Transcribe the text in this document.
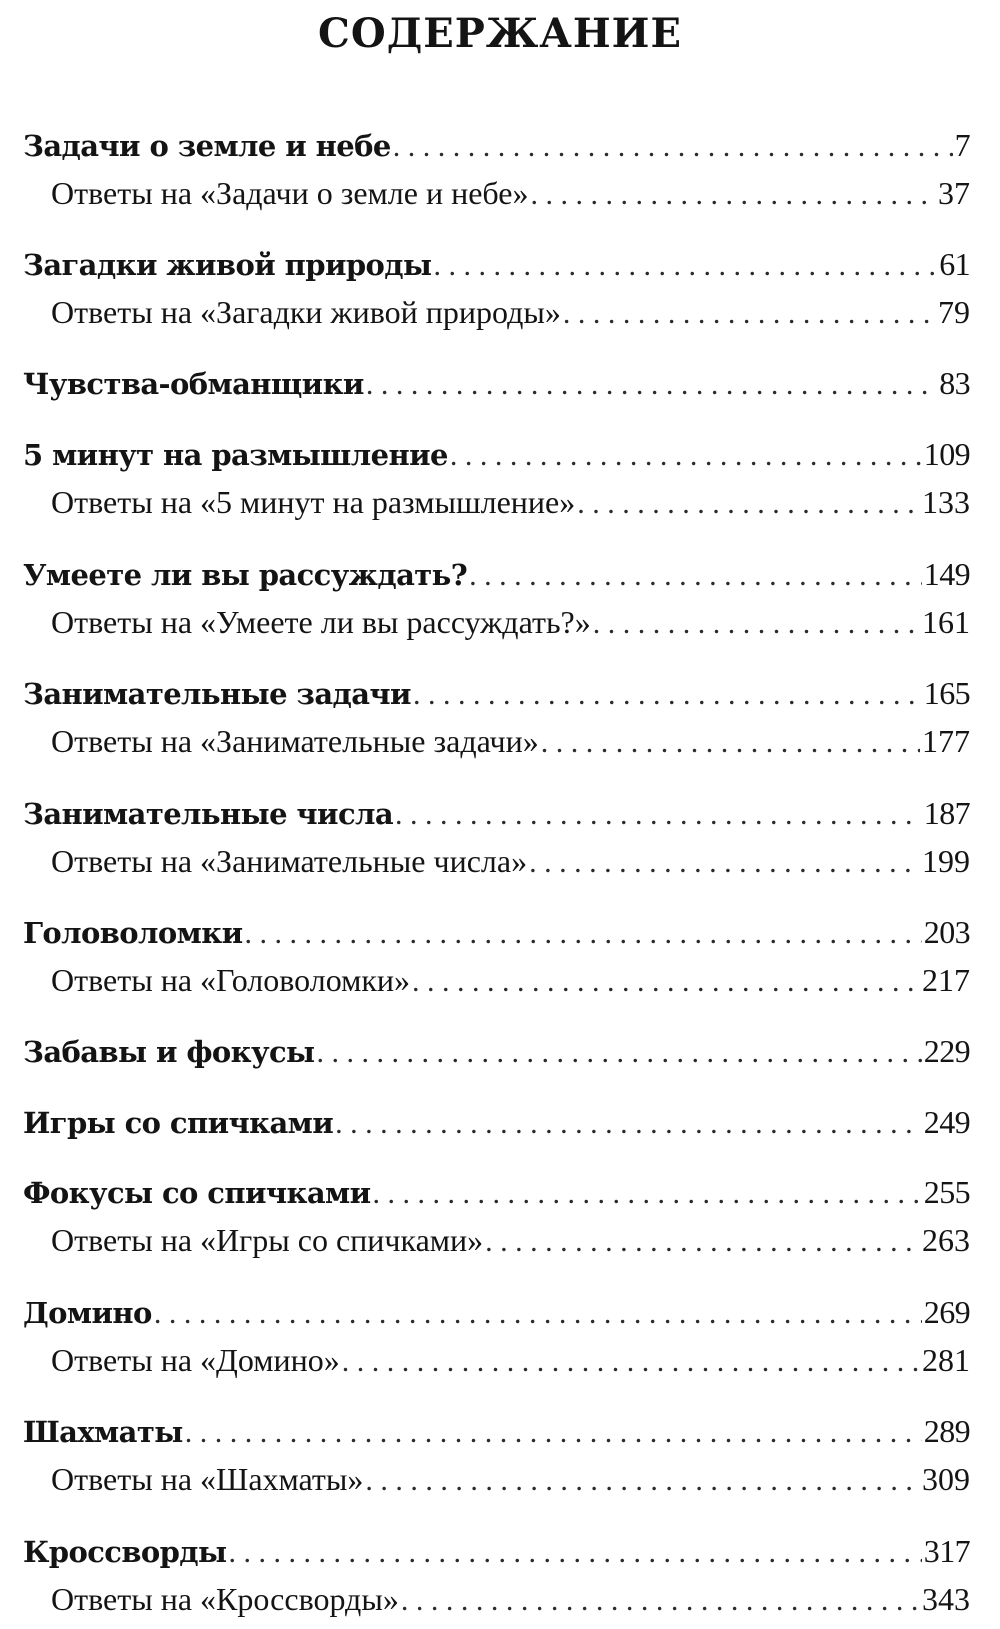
СОДЕРЖАНИЕ
Задачи о земле и небе . . .	7
Ответы на «Задачи о земле и небе» . . .	37
Загадки живой природы . . .	61
Ответы на «Загадки живой природы» . . .	79
Чувства-обманщики . . .	83
5 минут на размышление . . .	109
Ответы на «5 минут на размышление» . . .	133
Умеете ли вы рассуждать? . . .	149
Ответы на «Умеете ли вы рассуждать?» . . .	161
Занимательные задачи . . .	165
Ответы на «Занимательные задачи» . . .	177
Занимательные числа . . .	187
Ответы на «Занимательные числа» . . .	199
Головоломки . . .	203
Ответы на «Головоломки» . . .	217
Забавы и фокусы . . .	229
Игры со спичками . . .	249
Фокусы со спичками . . .	255
Ответы на «Игры со спичками» . . .	263
Домино . . .	269
Ответы на «Домино» . . .	281
Шахматы . . .	289
Ответы на «Шахматы» . . .	309
Кроссворды . . .	317
Ответы на «Кроссворды» . . .	343
